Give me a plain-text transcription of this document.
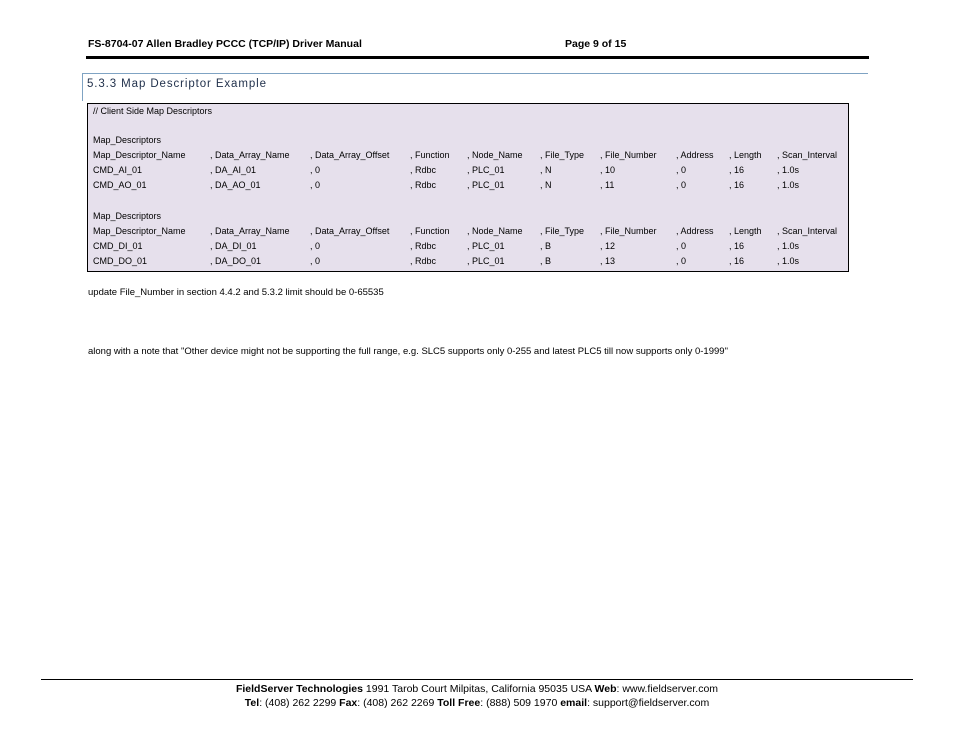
FS-8704-07 Allen Bradley PCCC (TCP/IP) Driver Manual	Page 9 of 15
5.3.3 Map Descriptor Example
// Client Side Map Descriptors
Map_Descriptors
Map_Descriptor_Name	, Data_Array_Name , Data_Array_Offset , Function , Node_Name , File_Type , File_Number , Address , Length , Scan_Interval
CMD_AI_01	, DA_AI_01	, 0	, Rdbc	, PLC_01	, N	, 10	, 0	, 16	, 1.0s
CMD_AO_01	, DA_AO_01	, 0	, Rdbc	, PLC_01	, N	, 11	, 0	, 16	, 1.0s
Map_Descriptors
Map_Descriptor_Name	, Data_Array_Name , Data_Array_Offset , Function , Node_Name , File_Type , File_Number , Address , Length , Scan_Interval
CMD_DI_01	, DA_DI_01	, 0	, Rdbc	, PLC_01	, B	, 12	, 0	, 16	, 1.0s
CMD_DO_01	, DA_DO_01	, 0	, Rdbc	, PLC_01	, B	, 13	, 0	, 16	, 1.0s
update File_Number in section 4.4.2 and 5.3.2 limit should be 0-65535
along with a note that "Other device might not be supporting the full range, e.g. SLC5 supports only 0-255 and latest PLC5 till now supports only 0-1999"
FieldServer Technologies 1991 Tarob Court Milpitas, California 95035 USA Web: www.fieldserver.com
Tel: (408) 262 2299 Fax: (408) 262 2269 Toll Free: (888) 509 1970 email: support@fieldserver.com
